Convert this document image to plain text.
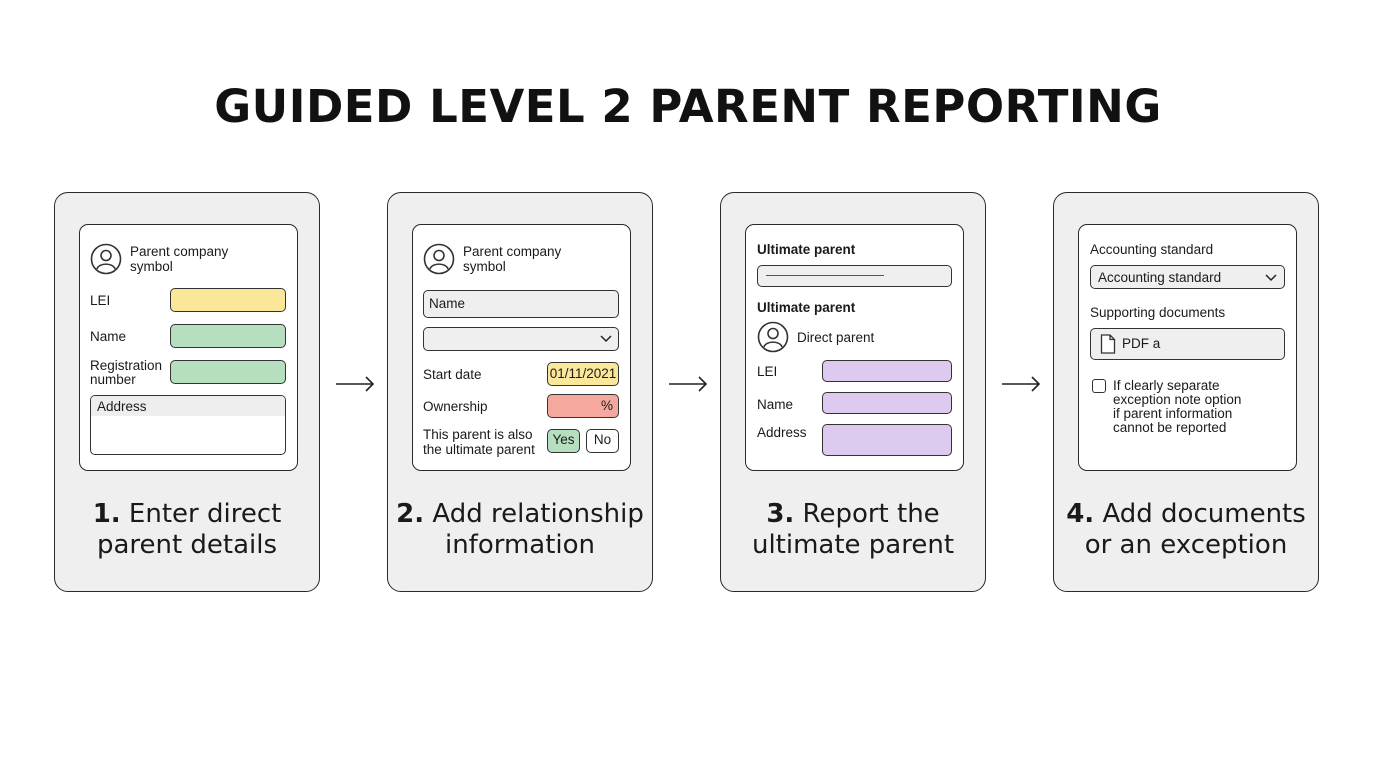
GUIDED LEVEL 2 PARENT REPORTING
Parent company
symbol
LEI
Name
Registration
number
Address
1. Enter direct
parent details
Parent company
symbol
Name
Start date	01/11/2021
Ownership	%
This parent is also
the ultimate parent
Yes	No
2. Add relationship
information
Ultimate parent
Ultimate parent
Direct parent
LEI
Name
Address
3. Report the
ultimate parent
Accounting standard
Accounting standard
Supporting documents
PDF a
If clearly separate
exception note option
if parent information
cannot be reported
4. Add documents
or an exception
